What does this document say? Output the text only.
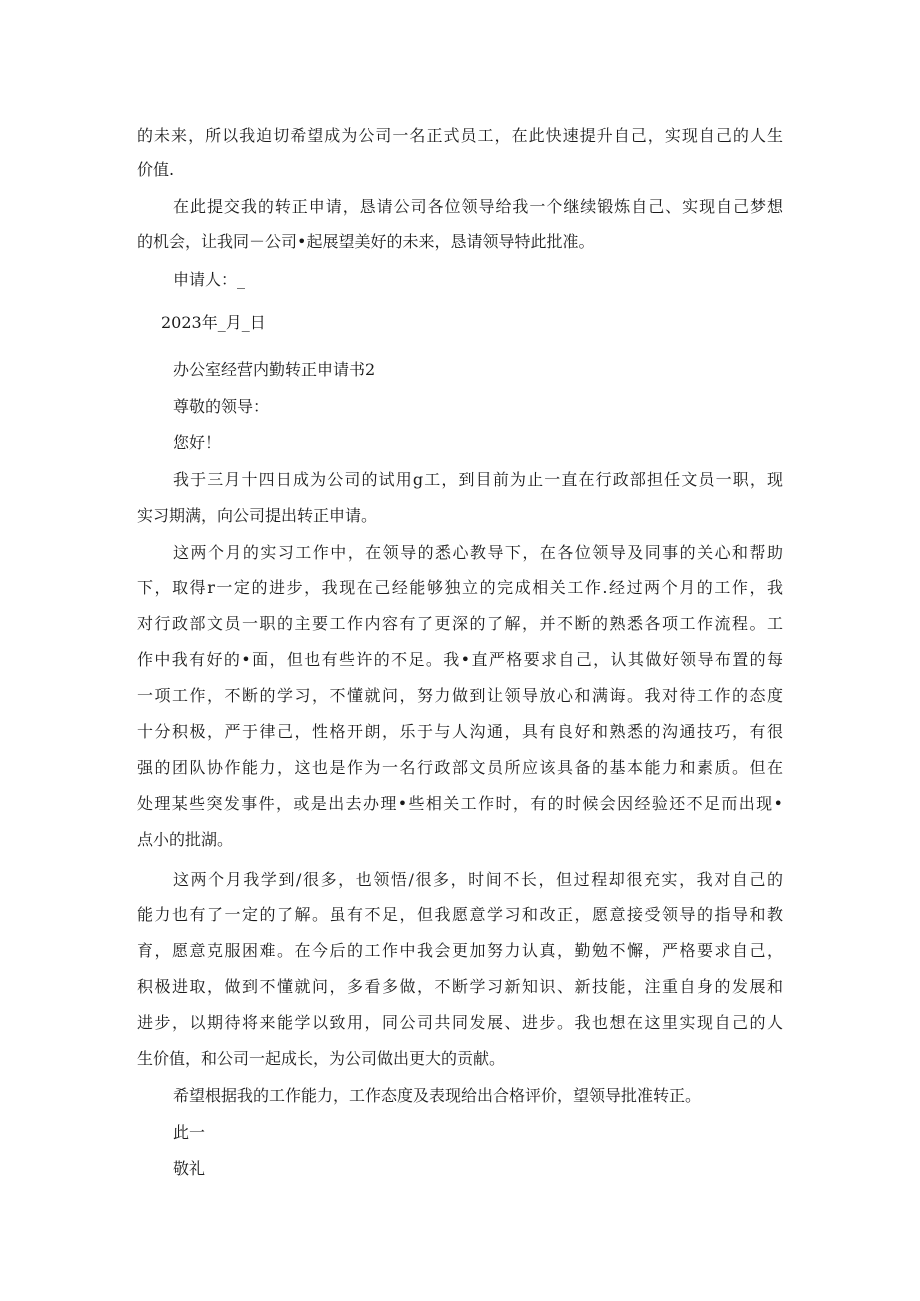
的未来，所以我迫切希望成为公司一名正式员工，在此快速提升自己，实现自己的人生
价值.
在此提交我的转正申请，恳请公司各位领导给我一个继续锻炼自己、实现自己梦想
的机会，让我同－公司•起展望美好的未来，恳请领导特此批准。
申请人：_
2023年_月_日
办公室经营内勤转正申请书2
尊敬的领导：
您好！
我于三月十四日成为公司的试用g工，到目前为止一直在行政部担任文员一职，现
实习期满，向公司提出转正申请。
这两个月的实习工作中，在领导的悉心教导下，在各位领导及同事的关心和帮助
下，取得r一定的进步，我现在己经能够独立的完成相关工作.经过两个月的工作，我
对行政部文员一职的主要工作内容有了更深的了解，并不断的熟悉各项工作流程。工
作中我有好的•面，但也有些许的不足。我•直严格要求自己，认其做好领导布置的每
一项工作，不断的学习，不懂就问，努力做到让领导放心和满诲。我对待工作的态度
十分积极，严于律己，性格开朗，乐于与人沟通，具有良好和熟悉的沟通技巧，有很
强的团队协作能力，这也是作为一名行政部文员所应该具备的基本能力和素质。但在
处理某些突发事件，或是出去办理•些相关工作时，有的时候会因经验还不足而出现•
点小的批湖。
这两个月我学到/很多，也领悟/很多，时间不长，但过程却很充实，我对自己的
能力也有了一定的了解。虽有不足，但我愿意学习和改正，愿意接受领导的指导和教
育，愿意克服困难。在今后的工作中我会更加努力认真，勤勉不懈，严格要求自己，
积极进取，做到不懂就问，多看多做，不断学习新知识、新技能，注重自身的发展和
进步，以期待将来能学以致用，同公司共同发展、进步。我也想在这里实现自己的人
生价值，和公司一起成长，为公司做出更大的贡献。
希望根据我的工作能力，工作态度及表现给出合格评价，望领导批准转正。
此一
敬礼
